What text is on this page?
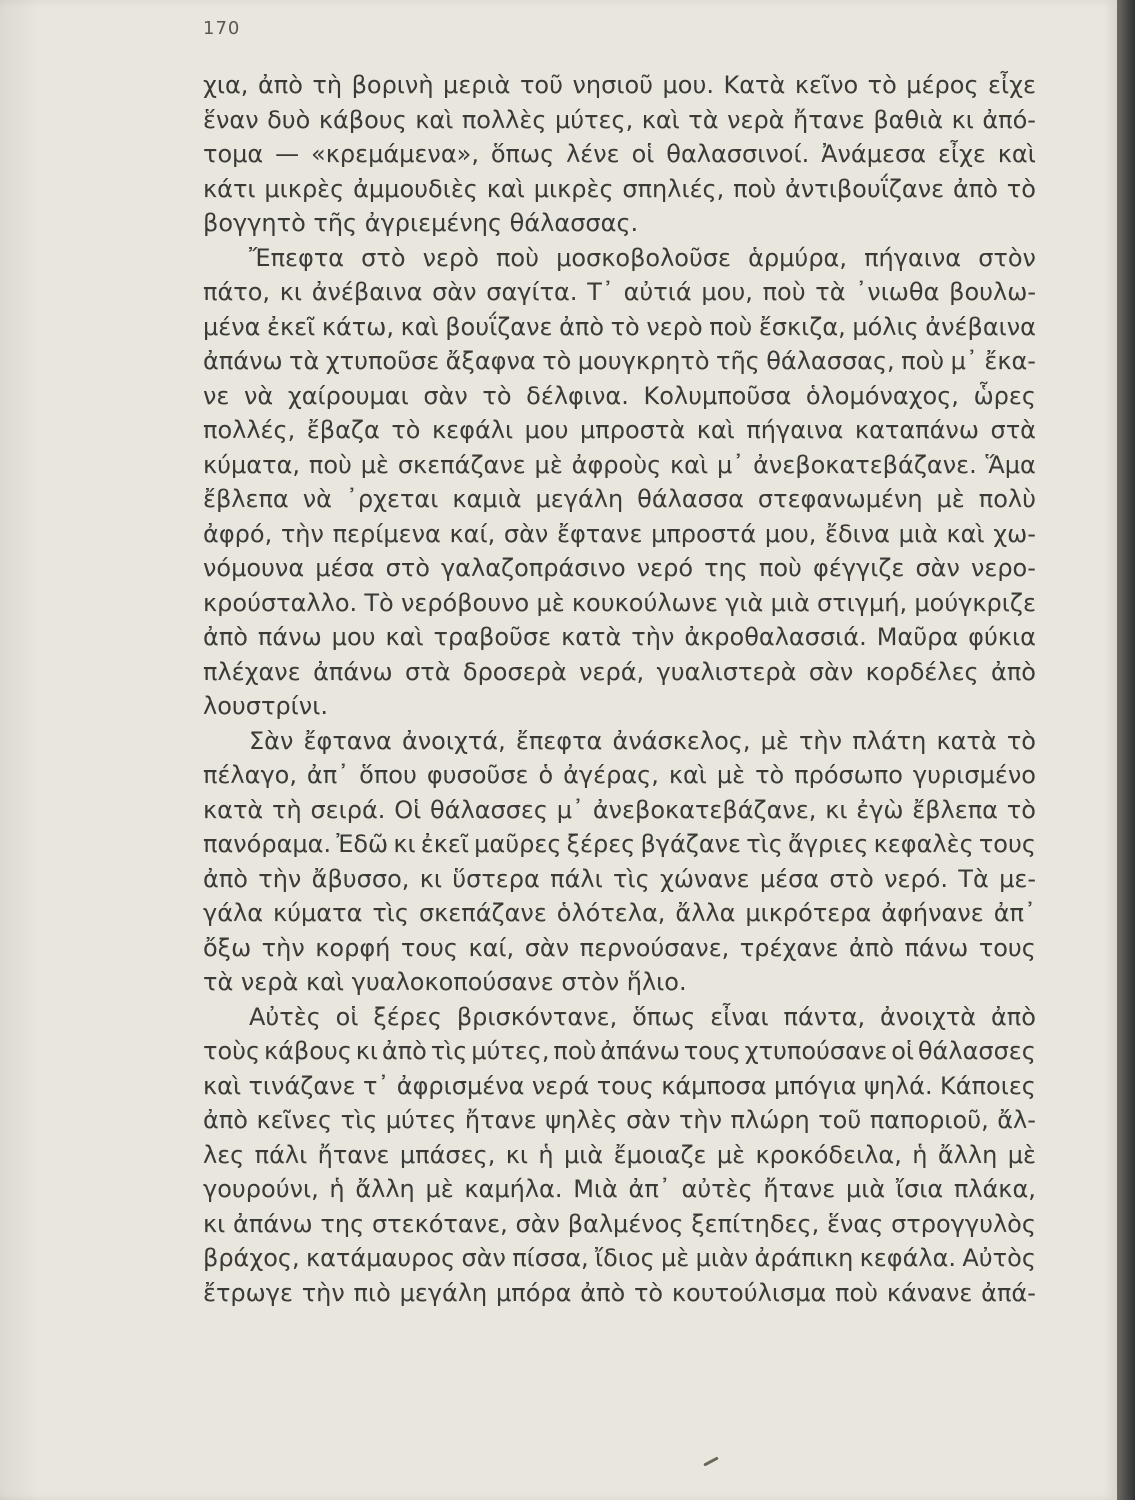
170
χια, ἀπὸ τὴ βορινὴ μεριὰ τοῦ νησιοῦ μου. Κατὰ κεῖνο τὸ μέρος εἶχε
ἕναν δυὸ κάβους καὶ πολλὲς μύτες, καὶ τὰ νερὰ ἤτανε βαθιὰ κι ἀπό-
τομα — «κρεμάμενα», ὅπως λένε οἱ θαλασσινοί. Ἀνάμεσα εἶχε καὶ
κάτι μικρὲς ἀμμουδιὲς καὶ μικρὲς σπηλιές, ποὺ ἀντιβουΐζανε ἀπὸ τὸ
βογγητὸ τῆς ἀγριεμένης θάλασσας.
Ἔπεφτα στὸ νερὸ ποὺ μοσκοβολοῦσε ἁρμύρα, πήγαινα στὸν
πάτο, κι ἀνέβαινα σὰν σαγίτα. Τ᾽ αὐτιά μου, ποὺ τὰ ᾽νιωθα βουλω-
μένα ἐκεῖ κάτω, καὶ βουΐζανε ἀπὸ τὸ νερὸ ποὺ ἔσκιζα, μόλις ἀνέβαινα
ἀπάνω τὰ χτυποῦσε ἄξαφνα τὸ μουγκρητὸ τῆς θάλασσας, ποὺ μ᾽ ἔκα-
νε νὰ χαίρουμαι σὰν τὸ δέλφινα. Κολυμποῦσα ὁλομόναχος, ὧρες
πολλές, ἔβαζα τὸ κεφάλι μου μπροστὰ καὶ πήγαινα καταπάνω στὰ
κύματα, ποὺ μὲ σκεπάζανε μὲ ἀφροὺς καὶ μ᾽ ἀνεβοκατεβάζανε. Ἅμα
ἔβλεπα νὰ ᾽ρχεται καμιὰ μεγάλη θάλασσα στεφανωμένη μὲ πολὺ
ἀφρό, τὴν περίμενα καί, σὰν ἔφτανε μπροστά μου, ἔδινα μιὰ καὶ χω-
νόμουνα μέσα στὸ γαλαζοπράσινο νερό της ποὺ φέγγιζε σὰν νερο-
κρούσταλλο. Τὸ νερόβουνο μὲ κουκούλωνε γιὰ μιὰ στιγμή, μούγκριζε
ἀπὸ πάνω μου καὶ τραβοῦσε κατὰ τὴν ἀκροθαλασσιά. Μαῦρα φύκια
πλέχανε ἀπάνω στὰ δροσερὰ νερά, γυαλιστερὰ σὰν κορδέλες ἀπὸ
λουστρίνι.
Σὰν ἔφτανα ἀνοιχτά, ἔπεφτα ἀνάσκελος, μὲ τὴν πλάτη κατὰ τὸ
πέλαγο, ἀπ᾽ ὅπου φυσοῦσε ὁ ἀγέρας, καὶ μὲ τὸ πρόσωπο γυρισμένο
κατὰ τὴ σειρά. Οἱ θάλασσες μ᾽ ἀνεβοκατεβάζανε, κι ἐγὼ ἔβλεπα τὸ
πανόραμα. Ἐδῶ κι ἐκεῖ μαῦρες ξέρες βγάζανε τὶς ἄγριες κεφαλὲς τους
ἀπὸ τὴν ἄβυσσο, κι ὕστερα πάλι τὶς χώνανε μέσα στὸ νερό. Τὰ με-
γάλα κύματα τὶς σκεπάζανε ὁλότελα, ἄλλα μικρότερα ἀφήνανε ἀπ᾽
ὄξω τὴν κορφή τους καί, σὰν περνούσανε, τρέχανε ἀπὸ πάνω τους
τὰ νερὰ καὶ γυαλοκοπούσανε στὸν ἥλιο.
Αὐτὲς οἱ ξέρες βρισκόντανε, ὅπως εἶναι πάντα, ἀνοιχτὰ ἀπὸ
τοὺς κάβους κι ἀπὸ τὶς μύτες, ποὺ ἀπάνω τους χτυπούσανε οἱ θάλασσες
καὶ τινάζανε τ᾽ ἀφρισμένα νερά τους κάμποσα μπόγια ψηλά. Κάποιες
ἀπὸ κεῖνες τὶς μύτες ἤτανε ψηλὲς σὰν τὴν πλώρη τοῦ παποριοῦ, ἄλ-
λες πάλι ἤτανε μπάσες, κι ἡ μιὰ ἔμοιαζε μὲ κροκόδειλα, ἡ ἄλλη μὲ
γουρούνι, ἡ ἄλλη μὲ καμήλα. Μιὰ ἀπ᾽ αὐτὲς ἤτανε μιὰ ἴσια πλάκα,
κι ἀπάνω της στεκότανε, σὰν βαλμένος ξεπίτηδες, ἕνας στρογγυλὸς
βράχος, κατάμαυρος σὰν πίσσα, ἴδιος μὲ μιὰν ἀράπικη κεφάλα. Αὐτὸς
ἔτρωγε τὴν πιὸ μεγάλη μπόρα ἀπὸ τὸ κουτούλισμα ποὺ κάνανε ἀπά-
